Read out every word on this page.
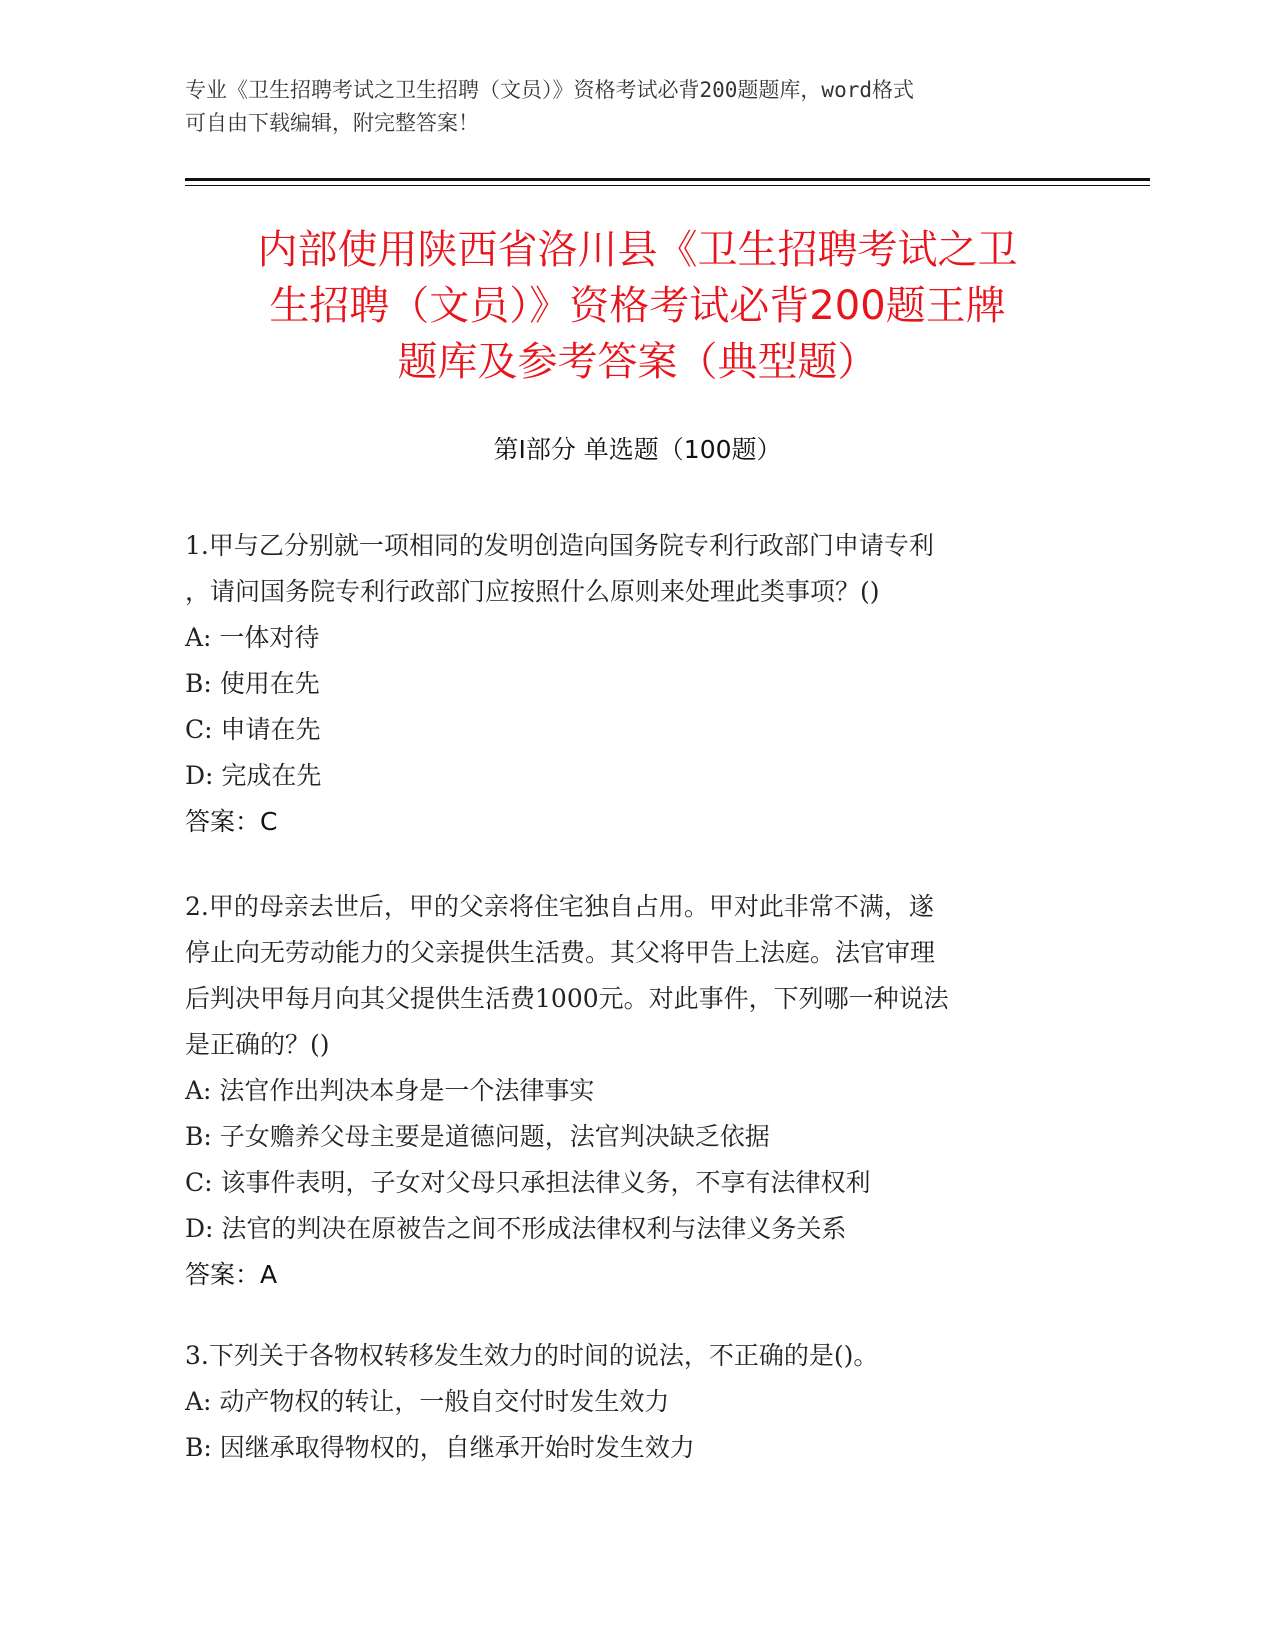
专业《卫生招聘考试之卫生招聘（文员）》资格考试必背200题题库，word格式
可自由下载编辑，附完整答案！
内部使用陕西省洛川县《卫生招聘考试之卫
生招聘（文员）》资格考试必背200题王牌
题库及参考答案（典型题）
第Ⅰ部分 单选题（100题）
1.甲与乙分别就一项相同的发明创造向国务院专利行政部门申请专利
，请问国务院专利行政部门应按照什么原则来处理此类事项？()
A: 一体对待
B: 使用在先
C: 申请在先
D: 完成在先
答案：C
2.甲的母亲去世后，甲的父亲将住宅独自占用。甲对此非常不满，遂
停止向无劳动能力的父亲提供生活费。其父将甲告上法庭。法官审理
后判决甲每月向其父提供生活费1000元。对此事件，下列哪一种说法
是正确的？()
A: 法官作出判决本身是一个法律事实
B: 子女赡养父母主要是道德问题，法官判决缺乏依据
C: 该事件表明，子女对父母只承担法律义务，不享有法律权利
D: 法官的判决在原被告之间不形成法律权利与法律义务关系
答案：A
3.下列关于各物权转移发生效力的时间的说法，不正确的是()。
A: 动产物权的转让，一般自交付时发生效力
B: 因继承取得物权的，自继承开始时发生效力
